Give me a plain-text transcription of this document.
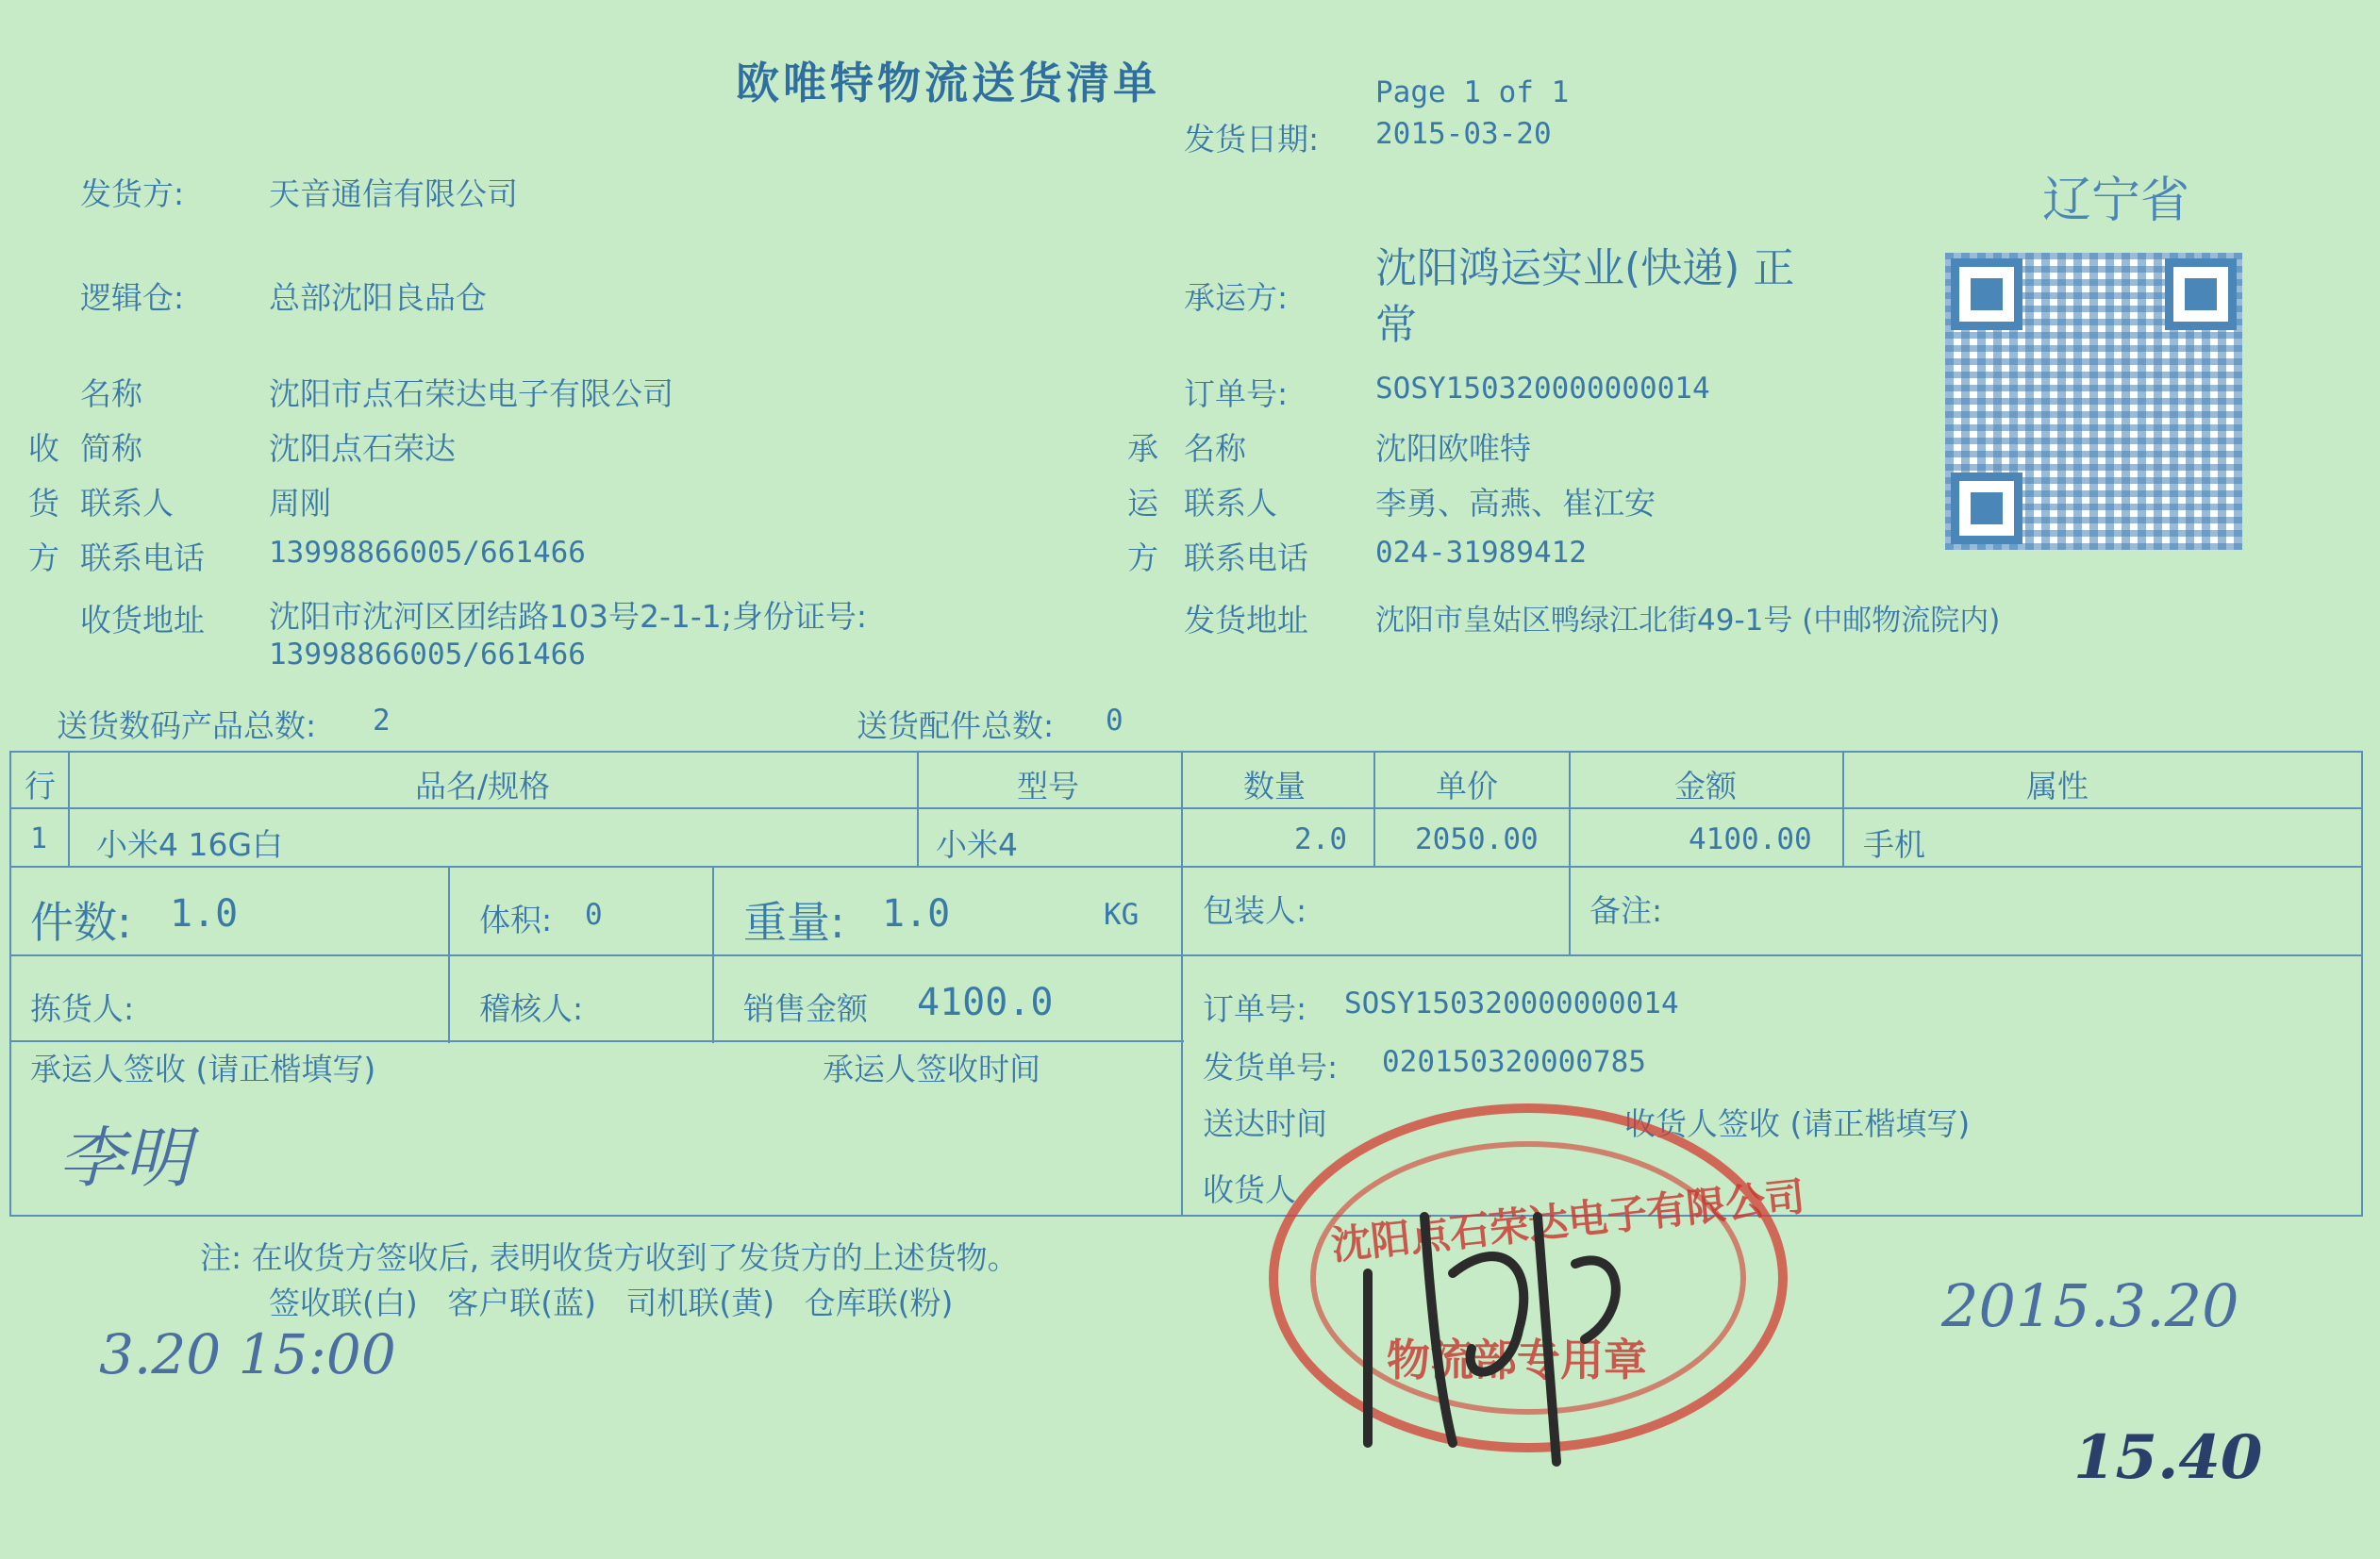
欧唯特物流送货清单	Page 1 of 1
发货日期: 2015-03-20
辽宁省
发货方:	天音通信有限公司
逻辑仓:	总部沈阳良品仓	承运方:
沈阳鸿运实业(快递) 正
常
收
货
方
名称	沈阳市点石荣达电子有限公司
简称	沈阳点石荣达
联系人	周刚
联系电话 13998866005/661466
收货地址 沈阳市沈河区团结路103号2-1-1;身份证号:
13998866005/661466
订单号:	SOSY150320000000014
承
运
方
名称	沈阳欧唯特
联系人	李勇、高燕、崔江安
联系电话 024-31989412
发货地址 沈阳市皇姑区鸭绿江北街49-1号 (中邮物流院内)
送货数码产品总数: 2	送货配件总数: 0
行	品名/规格	型号	数量	单价	金额	属性
1 小米4 16G白	小米4	2.0 2050.00	4100.00 手机
件数: 1.0	体积: 0	重量: 1.0	KG 包装人:	备注:
拣货人:	稽核人:	销售金额 4100.0	订单号: SOSY150320000000014
发货单号: 020150320000785
送达时间	收货人签收 (请正楷填写)
收货人
承运人签收 (请正楷填写)	承运人签收时间
李明
注: 在收货方签收后, 表明收货方收到了发货方的上述货物。
签收联(白)   客户联(蓝)   司机联(黄)   仓库联(粉)
3.20 15:00
2015.3.20
15.40
沈阳点石荣达电子有限公司
物流部专用章
